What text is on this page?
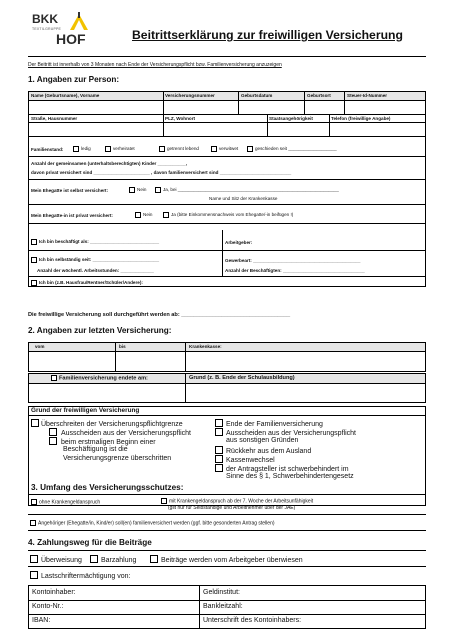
BKK
TEXTILGRUPPE
HOF	Beitrittserklärung zur freiwilligen Versicherung
Der Beitritt ist innerhalb von 3 Monaten nach Ende der Versicherungspflicht bzw. Familienversicherung anzuzeigen
1. Angaben zur Person:
Name (Geburtsname), Vorname	Versicherungsnummer	Geburtsdatum	Geburtsort	Steuer-Id-Nummer
Straße, Hausnummer	PLZ, Wohnort	Staatsangehörigkeit	Telefon (freiwillige Angabe)
Familienstand:	ledig	verheiratet	getrennt lebend	verwitwet	geschieden seit ___________________
Anzahl der gemeinsamen (unterhaltsberechtigten) Kinder ___________,
davon privat versichert sind ______________________ , davon familienversichert sind ____________________________
Mein Ehegatte ist selbst versichert:	Nein	Ja, bei _______________________________________________________________
Name und Sitz der Krankenkasse
Mein Ehegatte-in ist privat versichert:	Nein	Ja (bitte Einkommensnachweis vom Ehegatte/-in beifügen !)
Ich bin beschäftigt als: ___________________________	Arbeitgeber:
Ich bin selbständig seit: __________________________	Gewerbeart: __________________________________________
Anzahl der wöchentl. Arbeitsstunden: _____________	Anzahl der Beschäftigten: ________________________________
Ich bin (z.B. Hausfrau/Rentner/Schüler/Andere):
Die freiwillige Versicherung soll durchgeführt werden ab: ___________________________________
2. Angaben zur letzten Versicherung:
vom	bis	Krankenkasse:
Familienversicherung endete am:	Grund (z. B. Ende der Schulausbildung)
Grund der freiwilligen Versicherung
Überschreiten der Versicherungspflichtgrenze
Ausscheiden aus der Versicherungspflicht
beim erstmaligen Beginn einer
Beschäftigung ist die
Versicherungsgrenze überschritten
Ende der Familienversicherung
Ausscheiden aus der Versicherungspflicht
aus sonstigen Gründen
Rückkehr aus dem Ausland
Kassenwechsel
der Antragsteller ist schwerbehindert im
Sinne des § 1, Schwerbehindertengesetz
3. Umfang des Versicherungsschutzes:
ohne Krankengeldanspruch	mit Krankengeldanspruch ab der 7. Woche der Arbeitsunfähigkeit
(gilt nur für Selbständige und Arbeitnehmer über der JAE)
Angehöriger (Ehegatte/in, Kind/er) soll(en) familienversichert werden (ggf. bitte gesonderten Antrag stellen)
4. Zahlungsweg für die Beiträge
Überweisung	Barzahlung	Beiträge werden vom Arbeitgeber überwiesen
Lastschriftermächtigung von:
Kontoinhaber:	Geldinstitut:
Konto-Nr.:	Bankleitzahl:
IBAN:	Unterschrift des Kontoinhabers:
